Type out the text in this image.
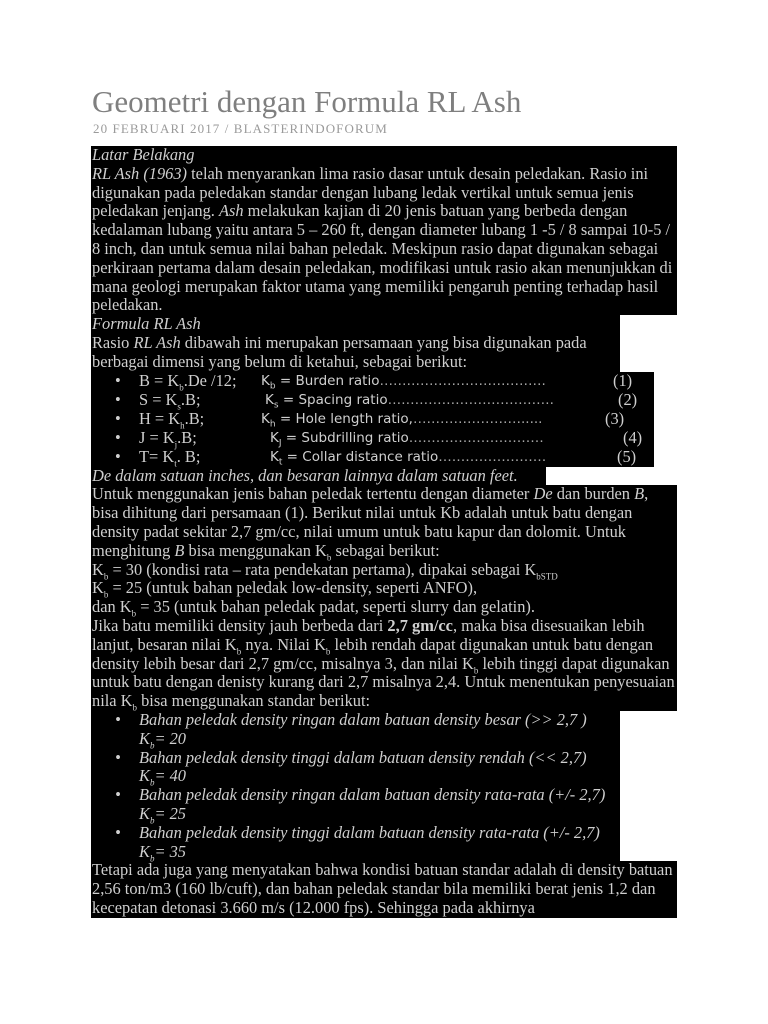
Geometri dengan Formula RL Ash
20 FEBRUARI 2017 / BLASTERINDOFORUM

Latar Belakang

RL Ash (1963) telah menyarankan lima rasio dasar untuk desain peledakan. Rasio ini digunakan pada peledakan standar dengan lubang ledak vertikal untuk semua jenis peledakan jenjang. Ash melakukan kajian di 20 jenis batuan yang berbeda dengan kedalaman lubang yaitu antara 5 – 260 ft, dengan diameter lubang 1 -5 / 8 sampai 10-5 / 8 inch, dan untuk semua nilai bahan peledak. Meskipun rasio dapat digunakan sebagai perkiraan pertama dalam desain peledakan, modifikasi untuk rasio akan menunjukkan di mana geologi merupakan faktor utama yang memiliki pengaruh penting terhadap hasil peledakan.

Formula RL Ash

Rasio RL Ash dibawah ini merupakan persamaan yang bisa digunakan pada berbagai dimensi yang belum di ketahui, sebagai berikut:

• $B = K_b.De$ /12; $K_b$ = Burden ratio……………………………….	(1)
• $S = K_s.B$;	$K_s$ = Spacing ratio……………………………….	(2)
• $H = K_h.B$;	$K_h$ = Hole length ratio,…………………….....	(3)
• $J = K_j.B$;	$K_J$ = Subdrilling ratio…………………………	(4)
• $T= K_t$. B;	$K_t$ = Collar distance ratio……………………	(5)

De dalam satuan inches, dan besaran lainnya dalam satuan feet.

Untuk menggunakan jenis bahan peledak tertentu dengan diameter De dan burden B, bisa dihitung dari persamaan (1). Berikut nilai untuk Kb adalah untuk batu dengan density padat sekitar 2,7 gm/cc, nilai umum untuk batu kapur dan dolomit. Untuk menghitung B bisa menggunakan $K_b$ sebagai berikut:

$K_b = 30$ (kondisi rata – rata pendekatan pertama), dipakai sebagai $K_{bSTD}$

$K_b = 25$ (untuk bahan peledak low-density, seperti ANFO),

dan $K_b = 35$ (untuk bahan peledak padat, seperti slurry dan gelatin).

Jika batu memiliki density jauh berbeda dari 2,7 gm/cc, maka bisa disesuaikan lebih lanjut, besaran nilai $K_b$ nya. Nilai $K_b$ lebih rendah dapat digunakan untuk batu dengan density lebih besar dari 2,7 gm/cc, misalnya 3, dan nilai $K_b$ lebih tinggi dapat digunakan untuk batu dengan denisty kurang dari 2,7 misalnya 2,4. Untuk menentukan penyesuaian nila $K_b$ bisa menggunakan standar berikut:

• Bahan peledak density ringan dalam batuan density besar (>> 2,7 ) $K_b= 20$
• Bahan peledak density tinggi dalam batuan density rendah (<< 2,7) $K_b= 40$
• Bahan peledak density ringan dalam batuan density rata-rata (+/- 2,7) $K_b= 25$
• Bahan peledak density tinggi dalam batuan density rata-rata (+/- 2,7) $K_b= 35$

Tetapi ada juga yang menyatakan bahwa kondisi batuan standar adalah di density batuan 2,56 ton/m3 (160 lb/cuft), dan bahan peledak standar bila memiliki berat jenis 1,2 dan kecepatan detonasi 3.660 m/s (12.000 fps). Sehingga pada akhirnya
